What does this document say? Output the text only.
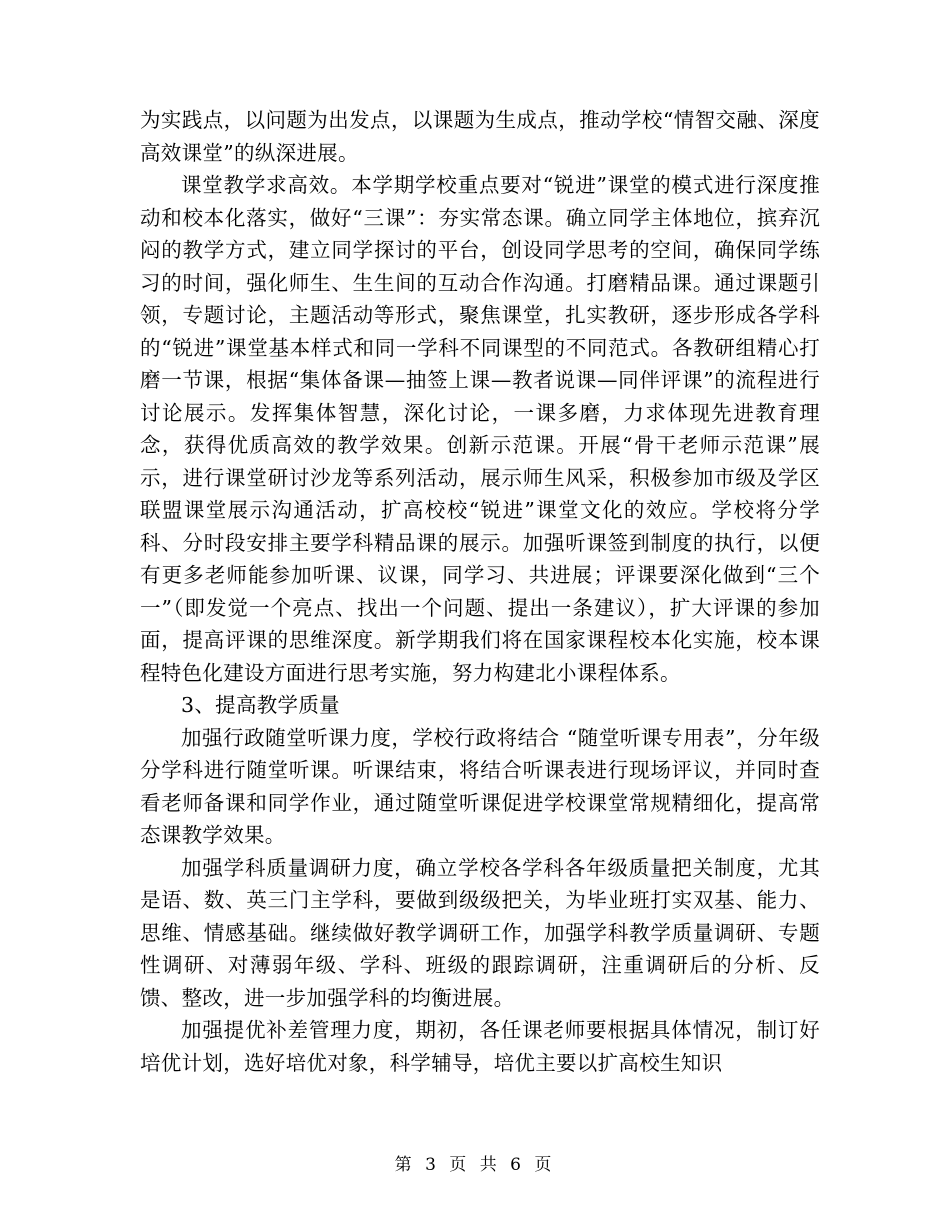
为实践点，以问题为出发点，以课题为生成点，推动学校“情智交融、深度高效课堂”的纵深进展。

课堂教学求高效。本学期学校重点要对“锐进”课堂的模式进行深度推动和校本化落实，做好“三课”：夯实常态课。确立同学主体地位，摈弃沉闷的教学方式，建立同学探讨的平台，创设同学思考的空间，确保同学练习的时间，强化师生、生生间的互动合作沟通。打磨精品课。通过课题引领，专题讨论，主题活动等形式，聚焦课堂，扎实教研，逐步形成各学科的“锐进”课堂基本样式和同一学科不同课型的不同范式。各教研组精心打磨一节课，根据“集体备课—抽签上课—教者说课—同伴评课”的流程进行讨论展示。发挥集体智慧，深化讨论，一课多磨，力求体现先进教育理念，获得优质高效的教学效果。创新示范课。开展“骨干老师示范课”展示，进行课堂研讨沙龙等系列活动，展示师生风采，积极参加市级及学区联盟课堂展示沟通活动，扩高校校“锐进”课堂文化的效应。学校将分学科、分时段安排主要学科精品课的展示。加强听课签到制度的执行，以便有更多老师能参加听课、议课，同学习、共进展；评课要深化做到“三个一”（即发觉一个亮点、找出一个问题、提出一条建议），扩大评课的参加面，提高评课的思维深度。新学期我们将在国家课程校本化实施，校本课程特色化建设方面进行思考实施，努力构建北小课程体系。

3、提高教学质量

加强行政随堂听课力度，学校行政将结合 “随堂听课专用表”，分年级分学科进行随堂听课。听课结束，将结合听课表进行现场评议，并同时查看老师备课和同学作业，通过随堂听课促进学校课堂常规精细化，提高常态课教学效果。

加强学科质量调研力度，确立学校各学科各年级质量把关制度，尤其是语、数、英三门主学科，要做到级级把关，为毕业班打实双基、能力、思维、情感基础。继续做好教学调研工作，加强学科教学质量调研、专题性调研、对薄弱年级、学科、班级的跟踪调研，注重调研后的分析、反馈、整改，进一步加强学科的均衡进展。

加强提优补差管理力度，期初，各任课老师要根据具体情况，制订好培优计划，选好培优对象，科学辅导，培优主要以扩高校生知识

第 3 页 共 6 页
